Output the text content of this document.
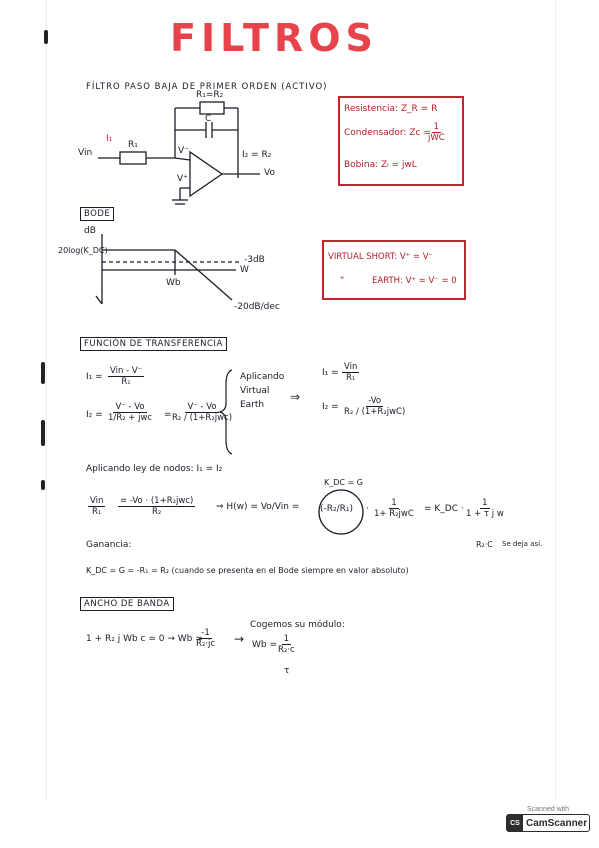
FILTROS
FÍLTRO PASO BAJA DE PRIMER ORDEN (ACTIVO)
Vin
I₁
R₁
R₁=R₂
C
V⁻
V⁺
Vo
I₂ = R₂
Resistencia: Z_R = R
Condensador: Zc =
1
jWC
Bobina: Zₗ = jwL
BODE
dB
20log(K_DC)
-3dB
W
Wb
-20dB/dec
VIRTUAL SHORT: V⁺ = V⁻
"	EARTH: V⁺ = V⁻ = 0
FUNCIÓN DE TRANSFERENCIA
I₁ =
Vin - V⁻
R₁
I₂ =
V⁻ - Vo
1/R₂ + jwc =
V⁻ - Vo
R₂ / (1+R₂jwc)
Aplicando
Virtual
Earth
⇒
I₁ =
Vin
R₁
I₂ =
-Vo
R₂ / (1+R₂jwC)
Aplicando ley de nodos: I₁ = I₂
K_DC = G
Vin
R₁
= -Vo · (1+R₂jwc)
R₂	⇒ H(w) = Vo/Vin = (-R₂/R₁) ·
1
1+ R₂jwC = K_DC · $\frac{1}{\text{1 + τ j w}}$
R₂·C Se deja así.
Ganancia:
K_DC = G = -R₁ = R₂ (cuando se presenta en el Bode siempre en valor absoluto)
ANCHO DE BANDA
1 + R₂ j Wb c = 0 → Wb =
$\frac{-1}{\text{R₂·jc}}$ →
Cogemos su módulo:
$Wb = \frac{1}{\text{R₂·c}}$
τ
Scanned with
CS CamScanner
